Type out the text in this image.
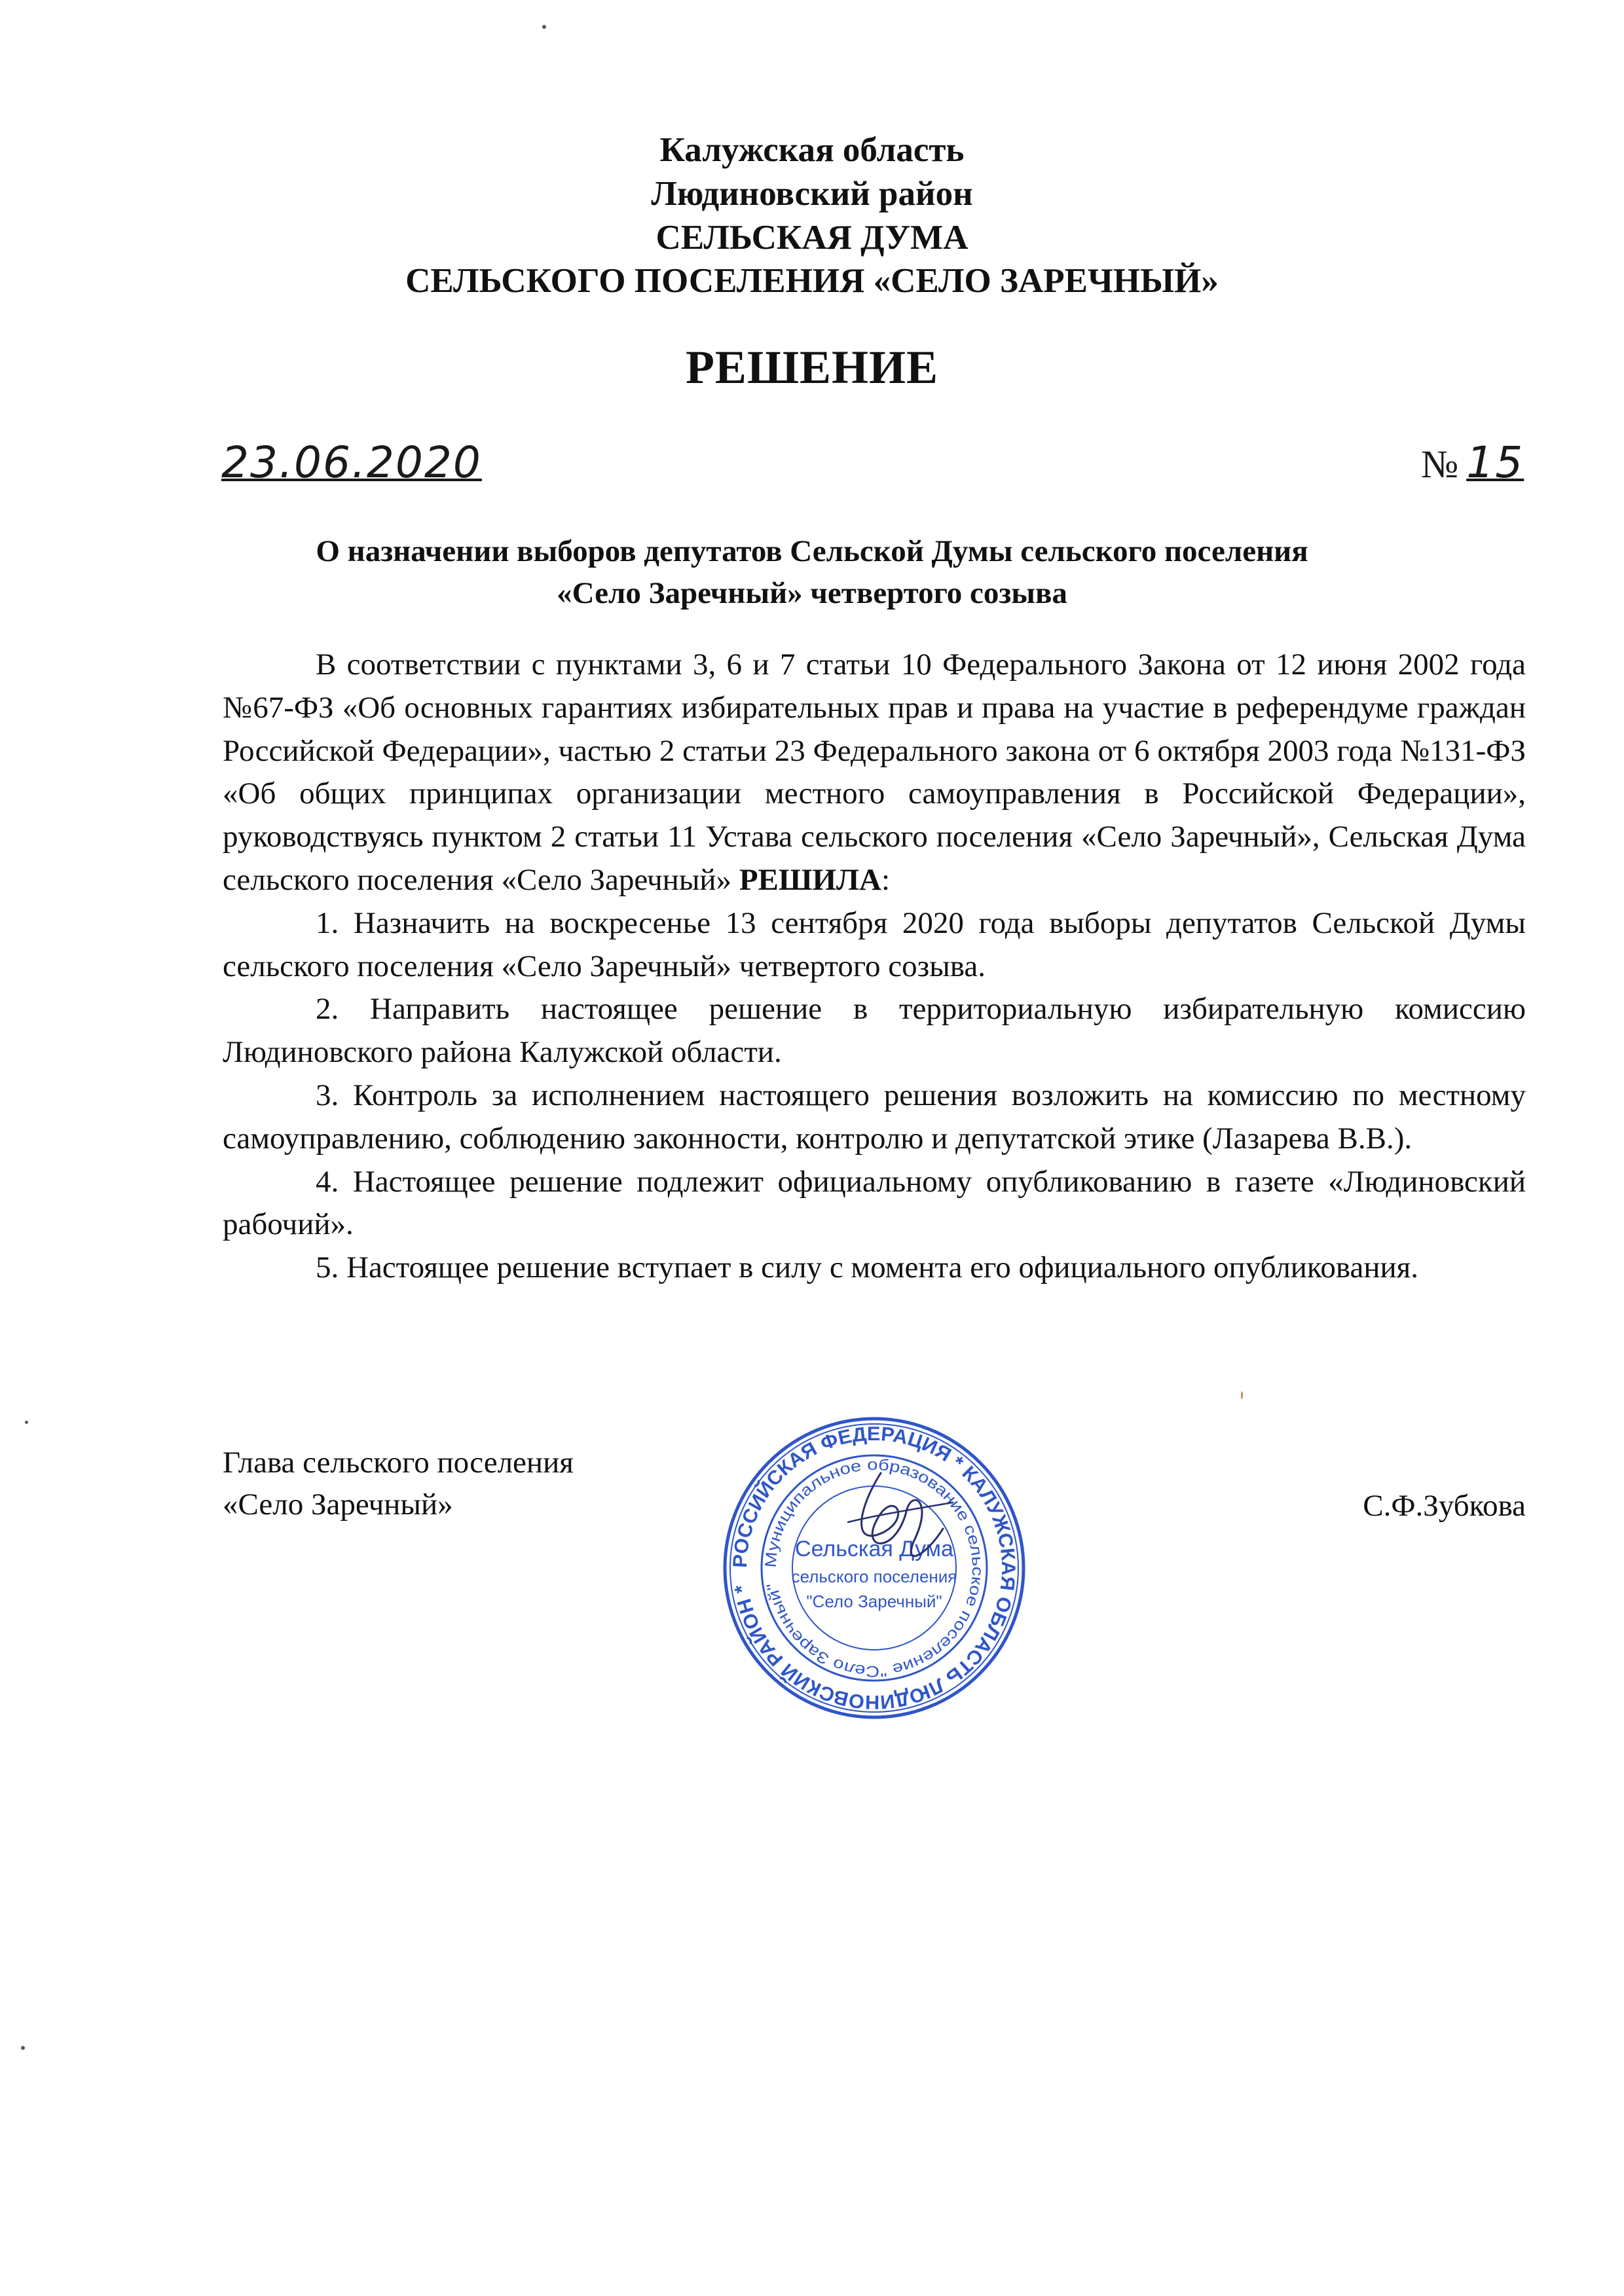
Калужская область

Людиновский район

СЕЛЬСКАЯ ДУМА

СЕЛЬСКОГО ПОСЕЛЕНИЯ «СЕЛО ЗАРЕЧНЫЙ»

РЕШЕНИЕ

23.06.2020	№ 15
О назначении выборов депутатов Сельской Думы сельского поселения
«Село Заречный» четвертого созыва

В соответствии с пунктами 3, 6 и 7 статьи 10 Федерального Закона от 12 июня 2002 года №67-ФЗ «Об основных гарантиях избирательных прав и права на участие в референдуме граждан Российской Федерации», частью 2 статьи 23 Федерального закона от 6 октября 2003 года №131-ФЗ «Об общих принципах организации местного самоуправления в Российской Федерации», руководствуясь пунктом 2 статьи 11 Устава сельского поселения «Село Заречный», Сельская Дума сельского поселения «Село Заречный» РЕШИЛА:

1. Назначить на воскресенье 13 сентября 2020 года выборы депутатов Сельской Думы сельского поселения «Село Заречный» четвертого созыва.

2. Направить настоящее решение в территориальную избирательную комиссию Людиновского района Калужской области.

3. Контроль за исполнением настоящего решения возложить на комиссию по местному самоуправлению, соблюдению законности, контролю и депутатской этике (Лазарева В.В.).

4. Настоящее решение подлежит официальному опубликованию в газете «Людиновский рабочий».

5. Настоящее решение вступает в силу с момента его официального опубликования.

Глава сельского поселения
«Село Заречный»	С.Ф.Зубкова
РОССИЙСКАЯ ФЕДЕРАЦИЯ * КАЛУЖСКАЯ ОБЛАСТЬ ЛЮДИНОВСКИЙ РАЙОН *
Муниципальное образование сельское поселение "Село Заречный"
Сельская Дума
сельского поселения
"Село Заречный"
